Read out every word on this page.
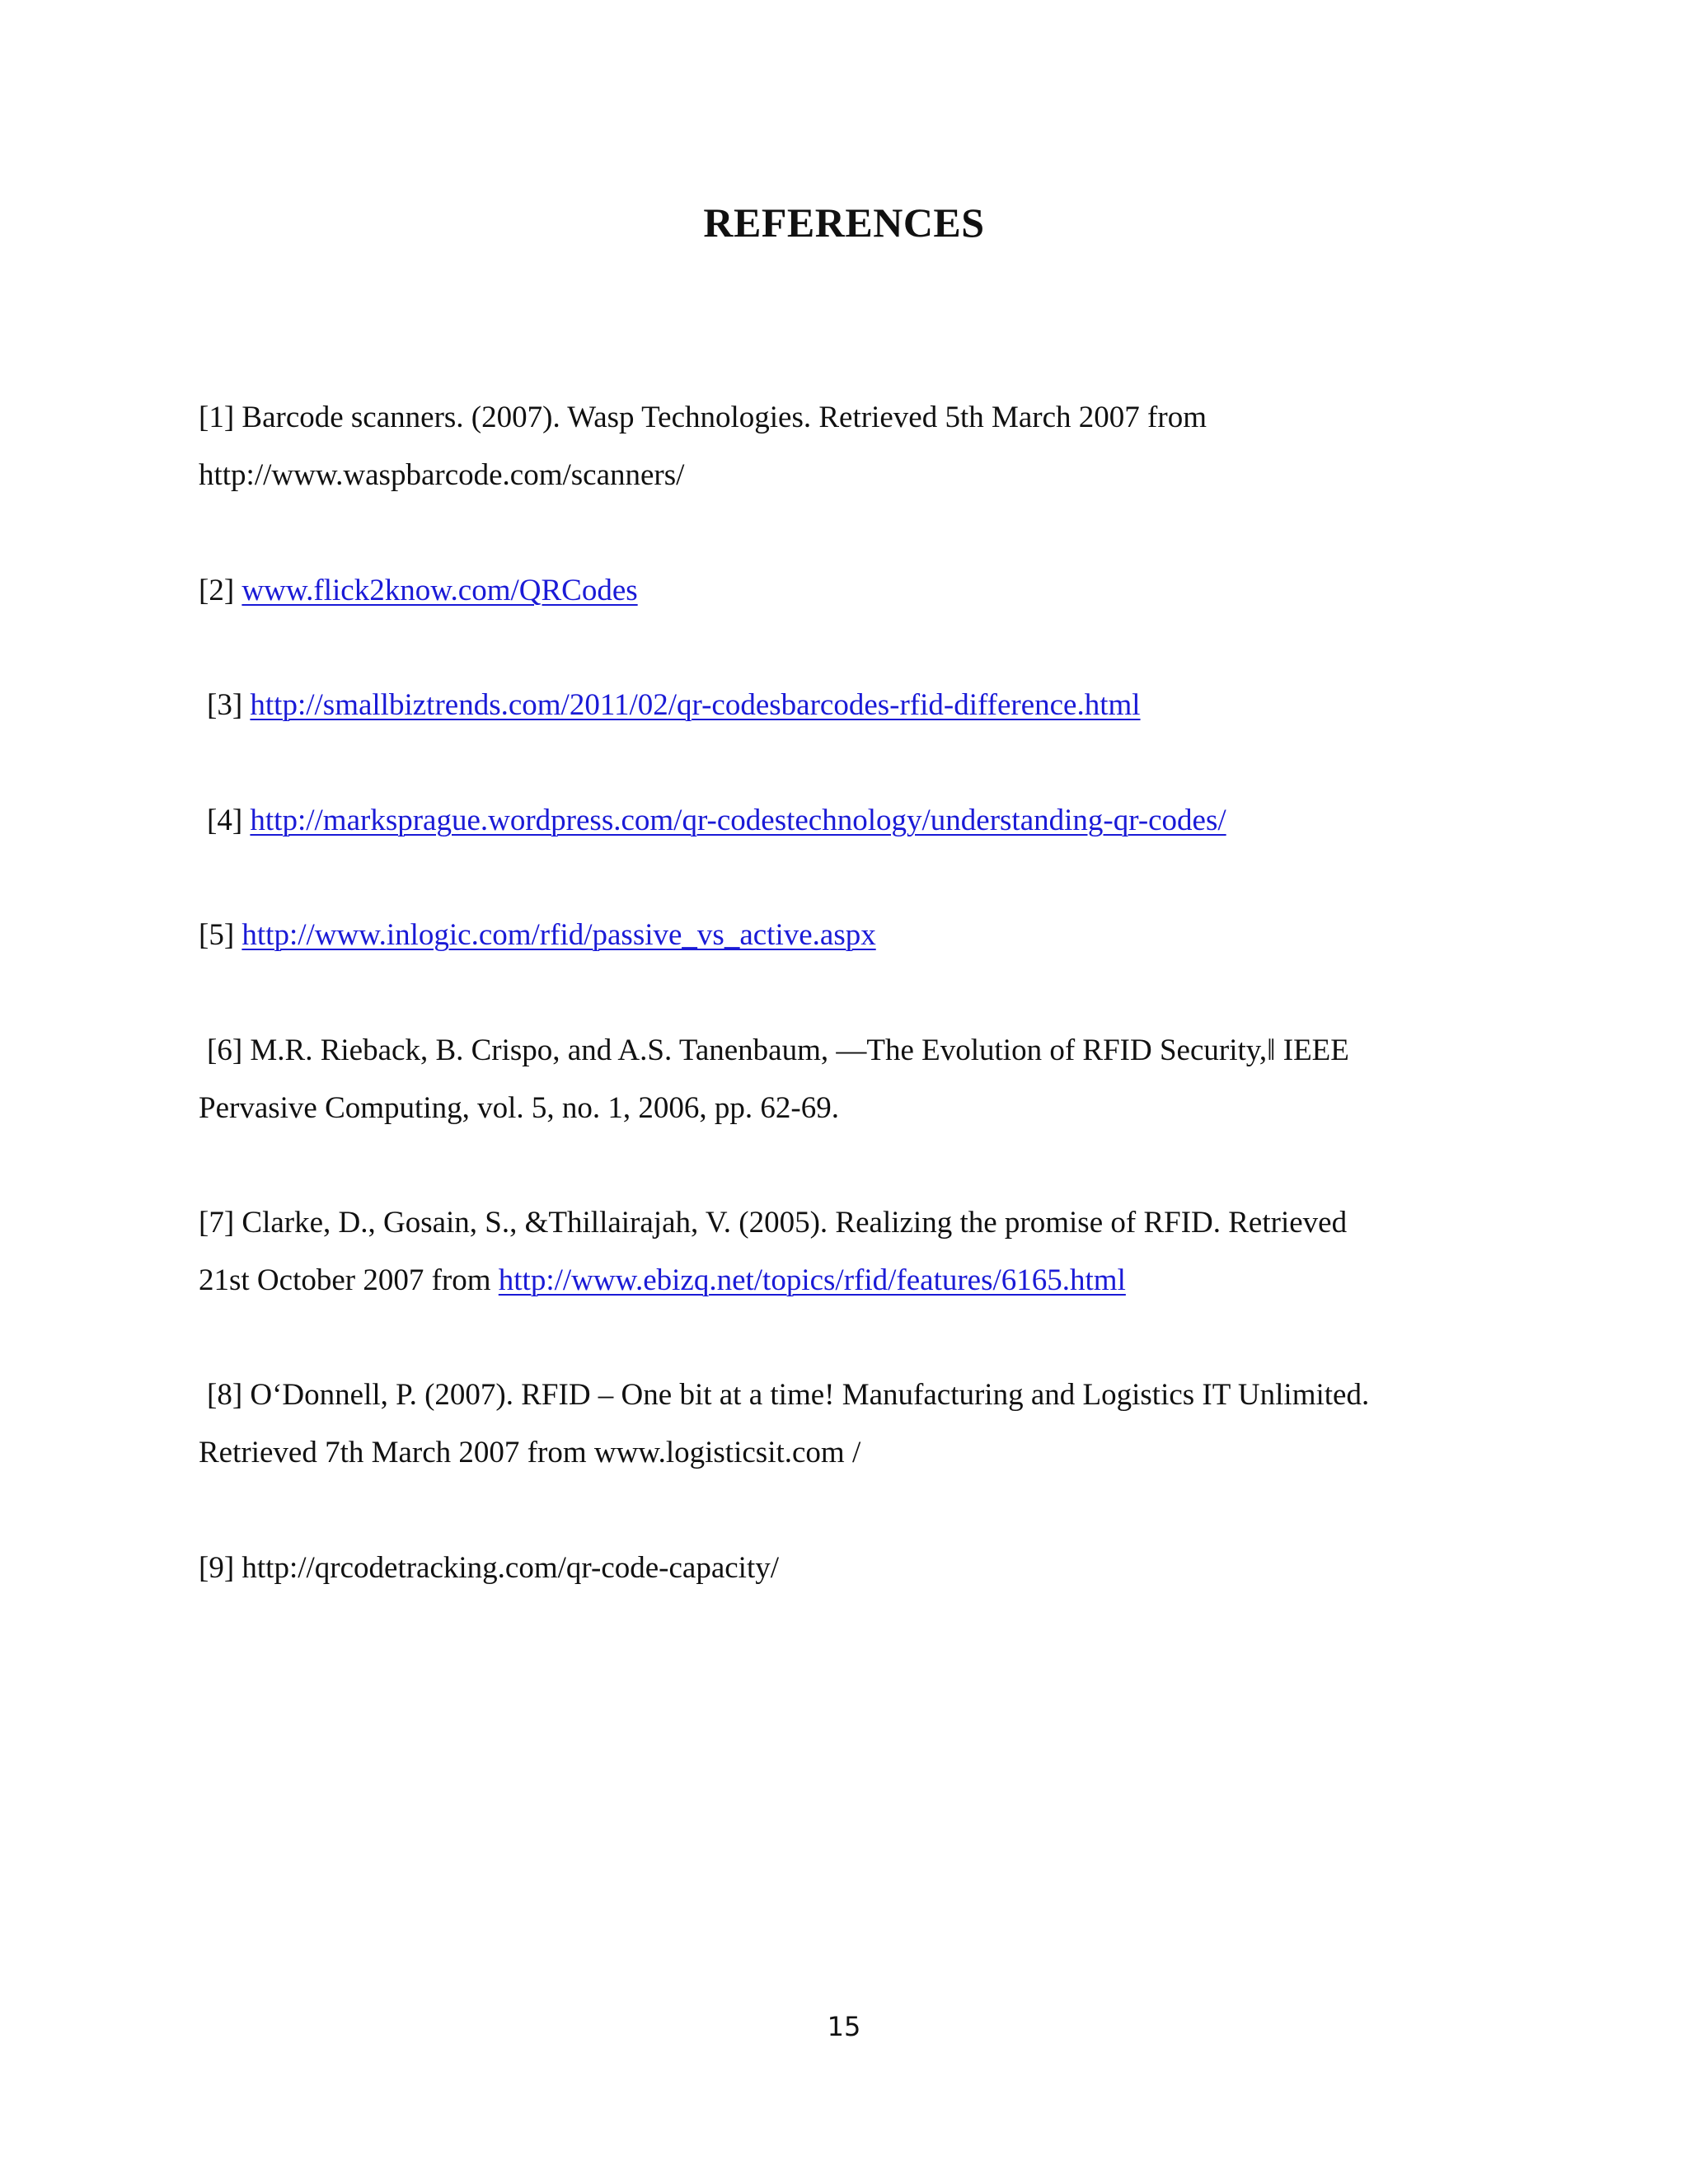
REFERENCES
[1] Barcode scanners. (2007). Wasp Technologies. Retrieved 5th March 2007 from
http://www.waspbarcode.com/scanners/
[2] www.flick2know.com/QRCodes
[3] http://smallbiztrends.com/2011/02/qr-codesbarcodes-rfid-difference.html
[4] http://marksprague.wordpress.com/qr-codestechnology/understanding-qr-codes/
[5] http://www.inlogic.com/rfid/passive_vs_active.aspx
[6] M.R. Rieback, B. Crispo, and A.S. Tanenbaum, ―The Evolution of RFID Security,‖ IEEE
Pervasive Computing, vol. 5, no. 1, 2006, pp. 62-69.
[7] Clarke, D., Gosain, S., &Thillairajah, V. (2005). Realizing the promise of RFID. Retrieved
21st October 2007 from http://www.ebizq.net/topics/rfid/features/6165.html
[8] O‘Donnell, P. (2007). RFID – One bit at a time! Manufacturing and Logistics IT Unlimited.
Retrieved 7th March 2007 from www.logisticsit.com /
[9] http://qrcodetracking.com/qr-code-capacity/
15
